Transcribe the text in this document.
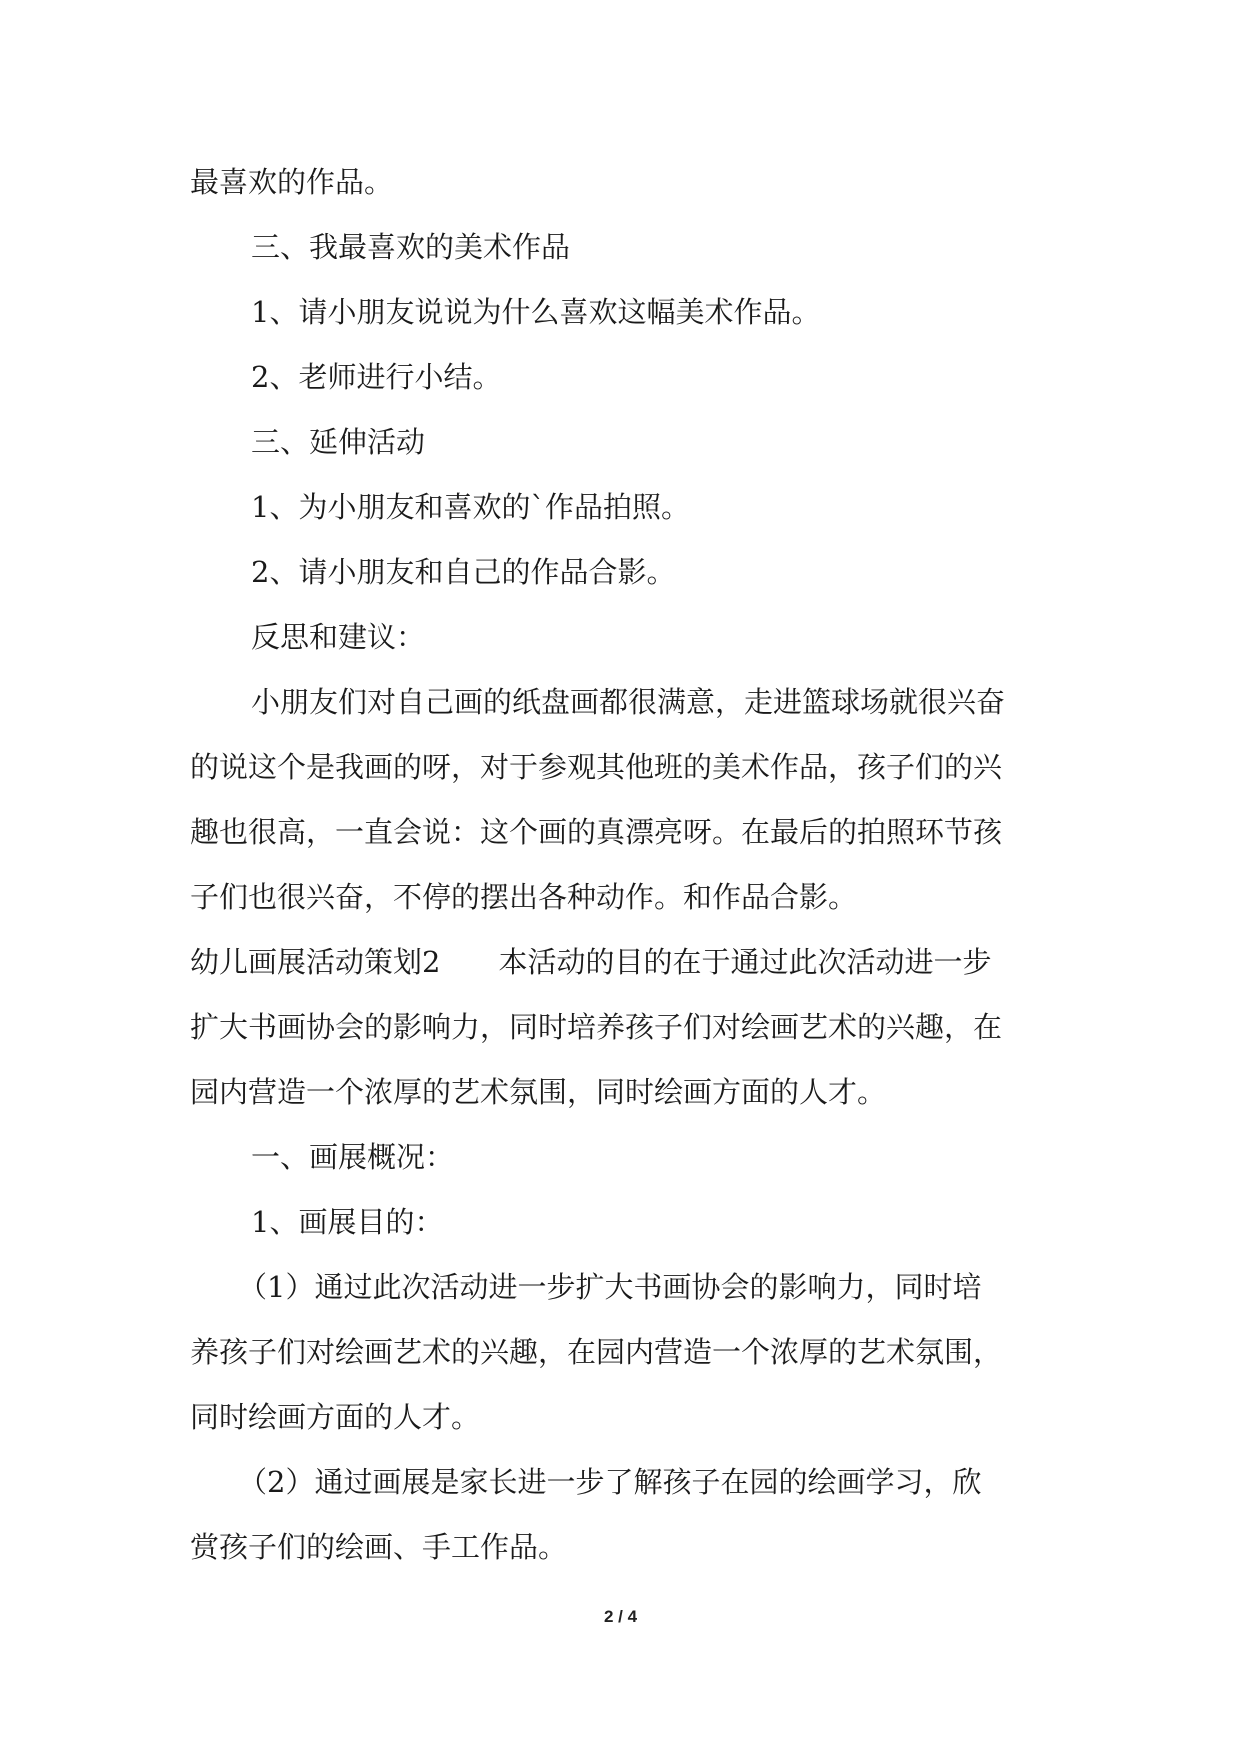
最喜欢的作品。
三、我最喜欢的美术作品
1、请小朋友说说为什么喜欢这幅美术作品。
2、老师进行小结。
三、延伸活动
1、为小朋友和喜欢的`作品拍照。
2、请小朋友和自己的作品合影。
反思和建议：
小朋友们对自己画的纸盘画都很满意，走进篮球场就很兴奋
的说这个是我画的呀，对于参观其他班的美术作品，孩子们的兴
趣也很高，一直会说：这个画的真漂亮呀。在最后的拍照环节孩
子们也很兴奋，不停的摆出各种动作。和作品合影。
幼儿画展活动策划2　　本活动的目的在于通过此次活动进一步
扩大书画协会的影响力，同时培养孩子们对绘画艺术的兴趣，在
园内营造一个浓厚的艺术氛围，同时绘画方面的人才。
一、画展概况：
1、画展目的：
（1）通过此次活动进一步扩大书画协会的影响力，同时培
养孩子们对绘画艺术的兴趣，在园内营造一个浓厚的艺术氛围，
同时绘画方面的人才。
（2）通过画展是家长进一步了解孩子在园的绘画学习，欣
赏孩子们的绘画、手工作品。
2 / 4
